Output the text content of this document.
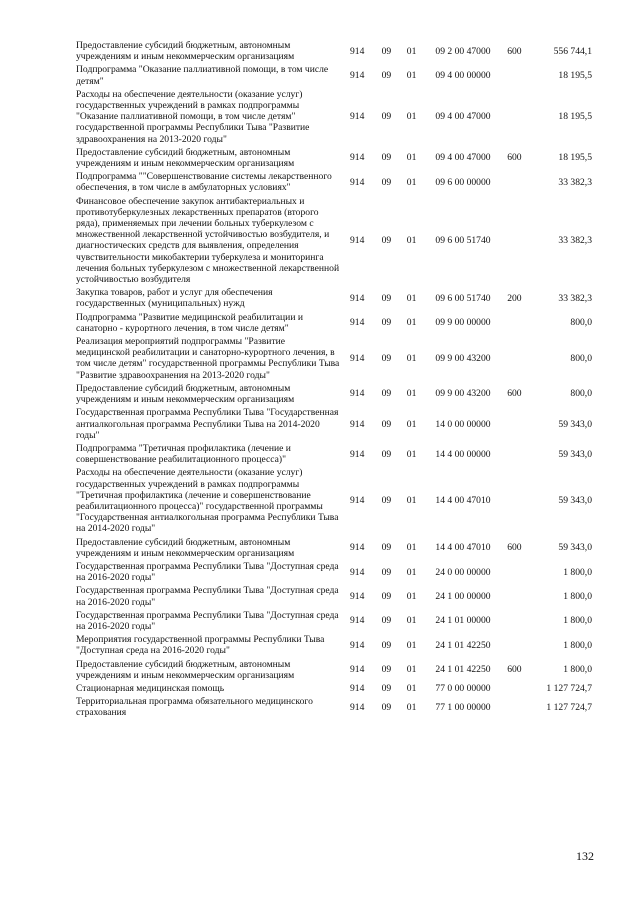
Предоставление субсидий бюджетным, автономным учреждениям и иным некоммерческим организациям	914	09	01	09 2 00 47000	600	556 744,1
Подпрограмма "Оказание паллиативной помощи, в том числе детям"	914	09	01	09 4 00 00000		18 195,5
Расходы на обеспечение деятельности (оказание услуг) государственных учреждений в рамках подпрограммы "Оказание паллиативной помощи, в том числе детям" государственной программы Республики Тыва "Развитие здравоохранения на 2013-2020 годы"	914	09	01	09 4 00 47000		18 195,5
Предоставление субсидий бюджетным, автономным учреждениям и иным некоммерческим организациям	914	09	01	09 4 00 47000	600	18 195,5
Подпрограмма ""Совершенствование системы лекарственного обеспечения, в том числе в амбулаторных условиях"	914	09	01	09 6 00 00000		33 382,3
Финансовое обеспечение закупок антибактериальных и противотуберкулезных лекарственных препаратов (второго ряда), применяемых при лечении больных туберкулезом с множественной лекарственной устойчивостью возбудителя, и диагностических средств для выявления, определения чувствительности микобактерии туберкулеза и мониторинга лечения больных туберкулезом с множественной лекарственной устойчивостью возбудителя	914	09	01	09 6 00 51740		33 382,3
Закупка товаров, работ и услуг для обеспечения государственных (муниципальных) нужд	914	09	01	09 6 00 51740	200	33 382,3
Подпрограмма "Развитие медицинской реабилитации и санаторно - курортного лечения, в том числе детям"	914	09	01	09 9 00 00000		800,0
Реализация мероприятий подпрограммы "Развитие медицинской реабилитации и санаторно-курортного лечения, в том числе детям" государственной программы Республики Тыва "Развитие здравоохранения на 2013-2020 годы"	914	09	01	09 9 00 43200		800,0
Предоставление субсидий бюджетным, автономным учреждениям и иным некоммерческим организациям	914	09	01	09 9 00 43200	600	800,0
Государственная программа Республики Тыва "Государственная антиалкогольная программа Республики Тыва на 2014-2020 годы"	914	09	01	14 0 00 00000		59 343,0
Подпрограмма "Третичная профилактика (лечение и совершенствование реабилитационного процесса)"	914	09	01	14 4 00 00000		59 343,0
Расходы на обеспечение деятельности (оказание услуг) государственных учреждений в рамках подпрограммы "Третичная профилактика (лечение и совершенствование реабилитационного процесса)" государственной программы "Государственная антиалкогольная программа Республики Тыва на 2014-2020 годы"	914	09	01	14 4 00 47010		59 343,0
Предоставление субсидий бюджетным, автономным учреждениям и иным некоммерческим организациям	914	09	01	14 4 00 47010	600	59 343,0
Государственная программа Республики Тыва "Доступная среда на 2016-2020 годы"	914	09	01	24 0 00 00000		1 800,0
Государственная программа Республики Тыва "Доступная среда на 2016-2020 годы"	914	09	01	24 1 00 00000		1 800,0
Государственная программа Республики Тыва "Доступная среда на 2016-2020 годы"	914	09	01	24 1 01 00000		1 800,0
Мероприятия государственной программы Республики Тыва "Доступная среда на 2016-2020 годы"	914	09	01	24 1 01 42250		1 800,0
Предоставление субсидий бюджетным, автономным учреждениям и иным некоммерческим организациям	914	09	01	24 1 01 42250	600	1 800,0
Стационарная медицинская помощь	914	09	01	77 0 00 00000		1 127 724,7
Территориальная программа обязательного медицинского страхования	914	09	01	77 1 00 00000		1 127 724,7
132
